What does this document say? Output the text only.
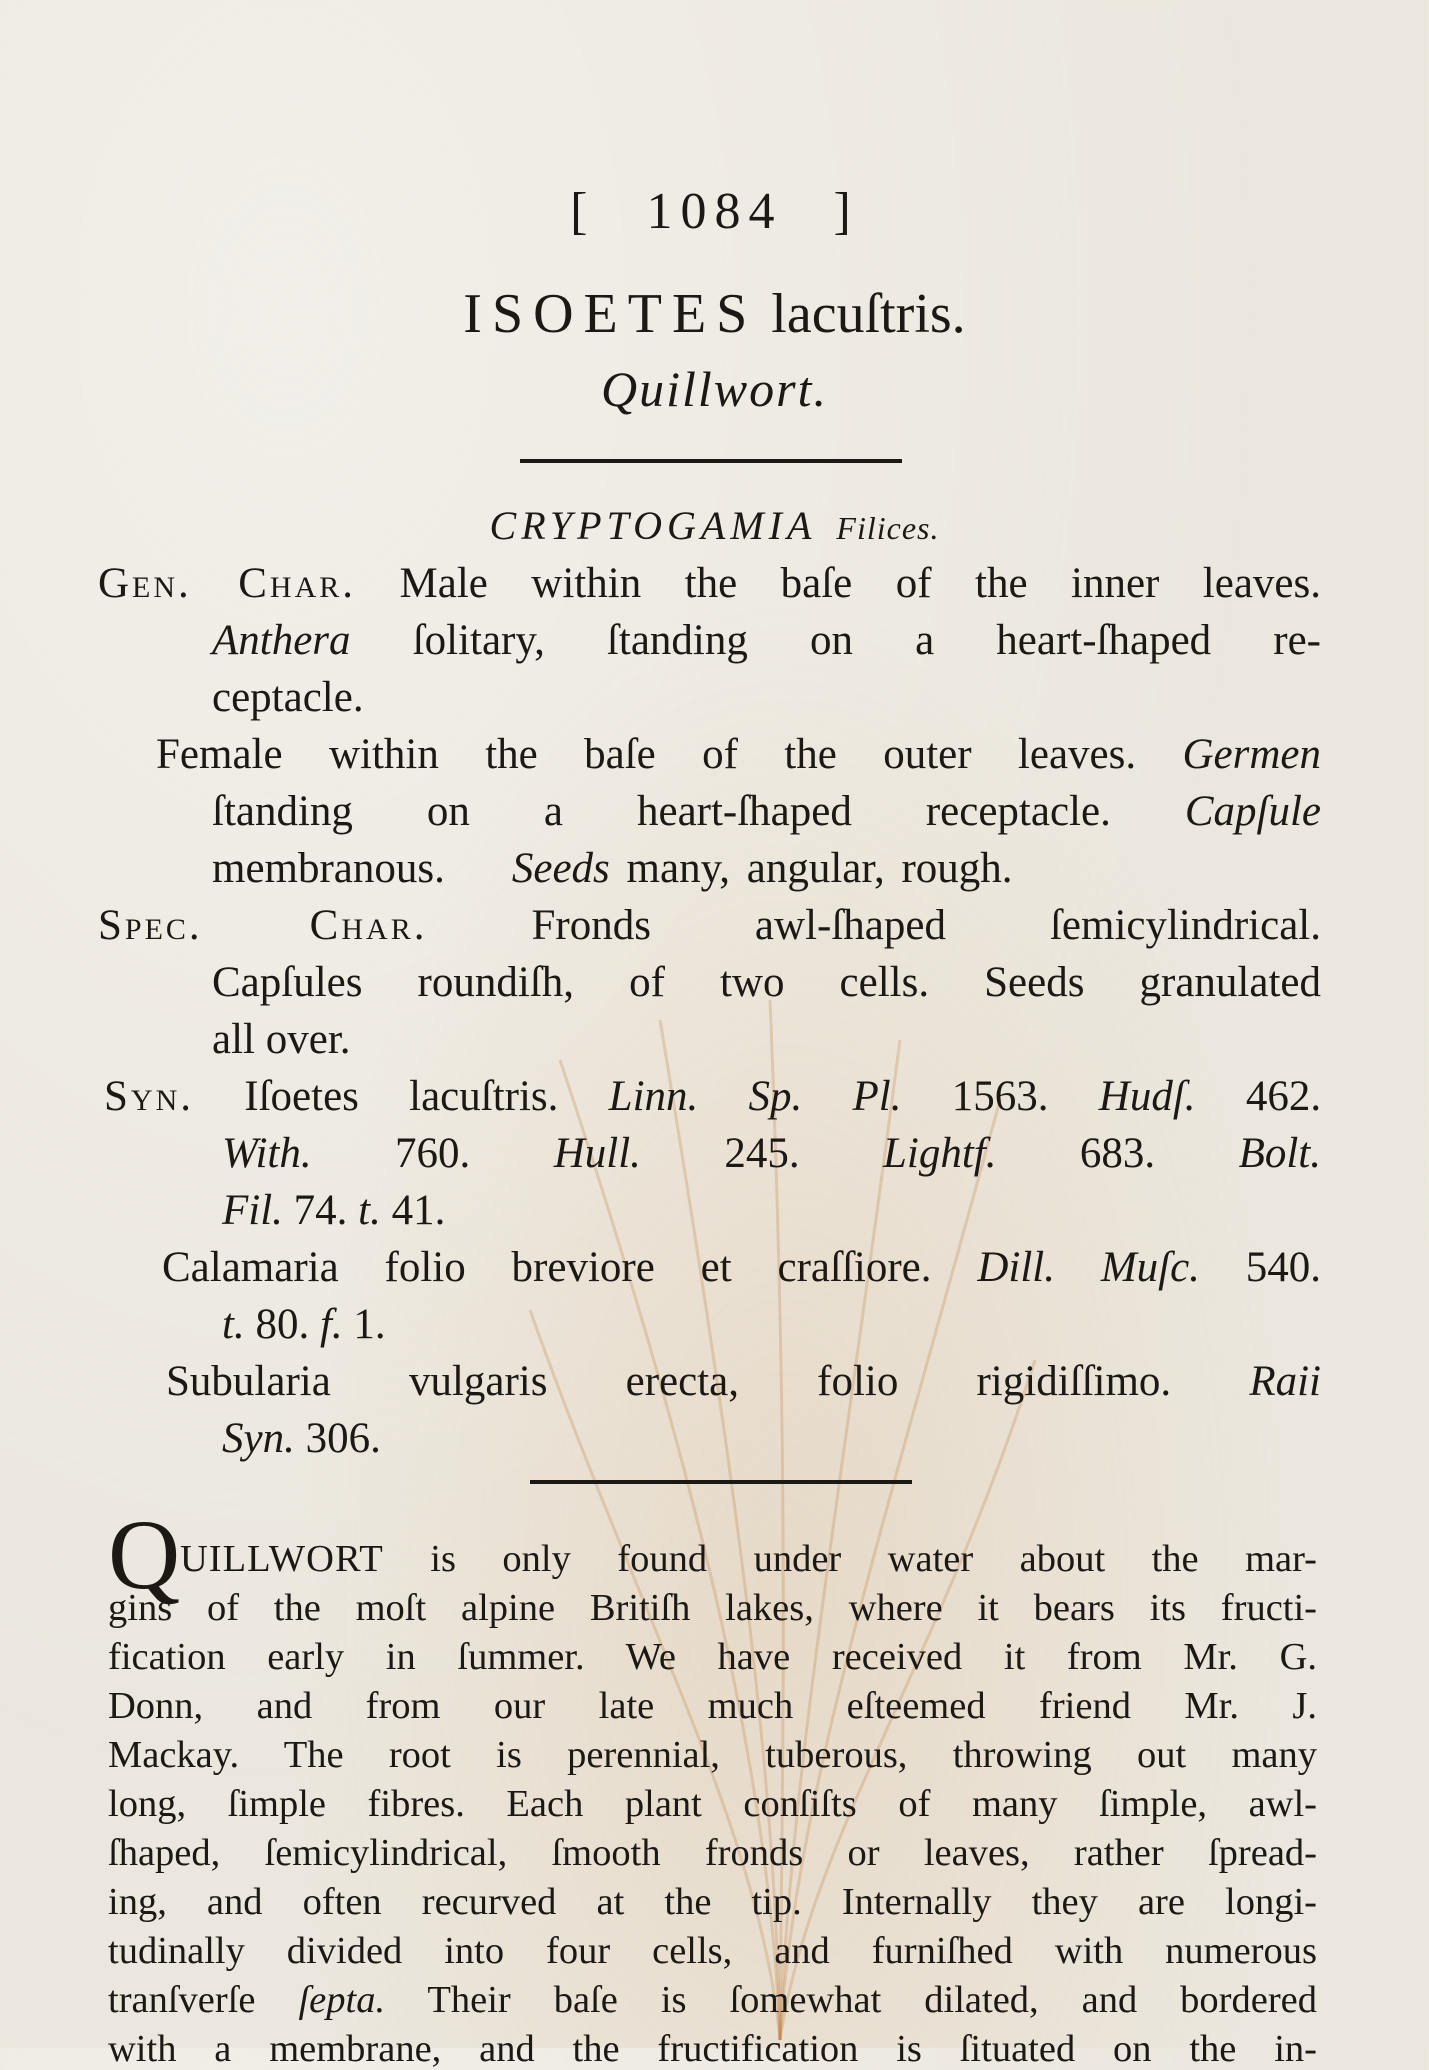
[ 1084 ]
ISOETES lacuſtris.
Quillwort.
CRYPTOGAMIA Filices.
Gen. Char. Male within the baſe of the inner leaves.
Anthera ſolitary, ſtanding on a heart-ſhaped re-
ceptacle.
Female within the baſe of the outer leaves. Germen
ſtanding on a heart-ſhaped receptacle. Capſule
membranous. Seeds many, angular, rough.
Spec. Char. Fronds awl-ſhaped ſemicylindrical.
Capſules roundiſh, of two cells. Seeds granulated
all over.
Syn. Iſoetes lacuſtris. Linn. Sp. Pl. 1563. Hudſ. 462.
With. 760. Hull. 245. Lightf. 683. Bolt.
Fil. 74. t. 41.
Calamaria folio breviore et craſſiore. Dill. Muſc. 540.
t. 80. f. 1.
Subularia vulgaris erecta, folio rigidiſſimo. Raii
Syn. 306.
Q UILLWORT is only found under water about the mar-
gins of the moſt alpine Britiſh lakes, where it bears its fructi-
fication early in ſummer. We have received it from Mr. G.
Donn, and from our late much eſteemed friend Mr. J.
Mackay. The root is perennial, tuberous, throwing out many
long, ſimple fibres. Each plant conſiſts of many ſimple, awl-
ſhaped, ſemicylindrical, ſmooth fronds or leaves, rather ſpread-
ing, and often recurved at the tip. Internally they are longi-
tudinally divided into four cells, and furniſhed with numerous
tranſverſe ſepta. Their baſe is ſomewhat dilated, and bordered
with a membrane, and the fructification is ſituated on the in-
